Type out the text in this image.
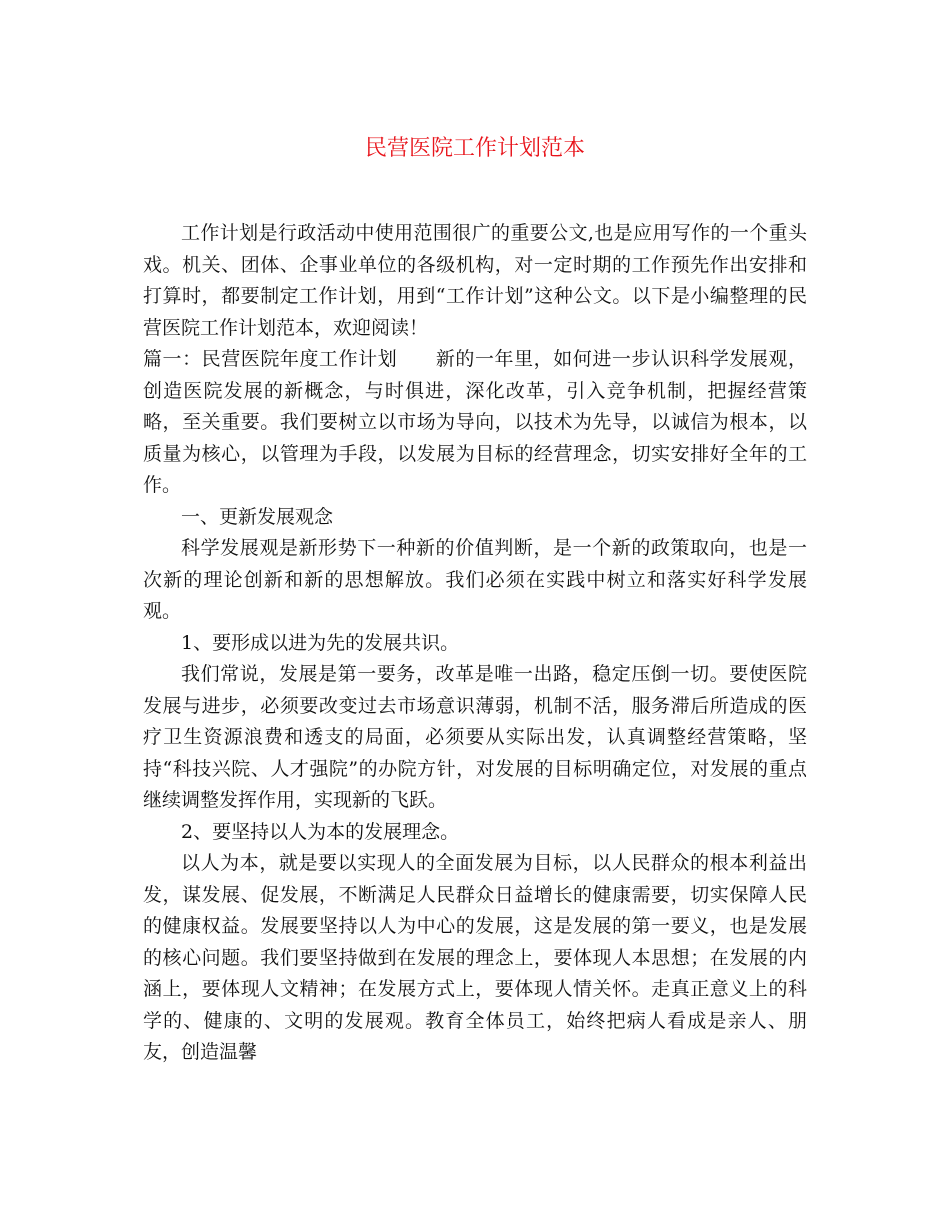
民营医院工作计划范本

工作计划是行政活动中使用范围很广的重要公文,也是应用写作的一个重头戏。机关、团体、企事业单位的各级机构，对一定时期的工作预先作出安排和打算时，都要制定工作计划，用到“工作计划”这种公文。以下是小编整理的民营医院工作计划范本，欢迎阅读！

篇一：民营医院年度工作计划 新的一年里，如何进一步认识科学发展观，创造医院发展的新概念，与时俱进，深化改革，引入竞争机制，把握经营策略，至关重要。我们要树立以市场为导向，以技术为先导，以诚信为根本，以质量为核心，以管理为手段，以发展为目标的经营理念，切实安排好全年的工作。

一、更新发展观念

科学发展观是新形势下一种新的价值判断，是一个新的政策取向，也是一次新的理论创新和新的思想解放。我们必须在实践中树立和落实好科学发展观。

1、要形成以进为先的发展共识。

我们常说，发展是第一要务，改革是唯一出路，稳定压倒一切。要使医院发展与进步，必须要改变过去市场意识薄弱，机制不活，服务滞后所造成的医疗卫生资源浪费和透支的局面，必须要从实际出发，认真调整经营策略，坚持“科技兴院、人才强院”的办院方针，对发展的目标明确定位，对发展的重点继续调整发挥作用，实现新的飞跃。

2、要坚持以人为本的发展理念。

以人为本，就是要以实现人的全面发展为目标，以人民群众的根本利益出发，谋发展、促发展，不断满足人民群众日益增长的健康需要，切实保障人民的健康权益。发展要坚持以人为中心的发展，这是发展的第一要义，也是发展的核心问题。我们要坚持做到在发展的理念上，要体现人本思想；在发展的内涵上，要体现人文精神；在发展方式上，要体现人情关怀。走真正意义上的科学的、健康的、文明的发展观。教育全体员工，始终把病人看成是亲人、朋友，创造温馨
